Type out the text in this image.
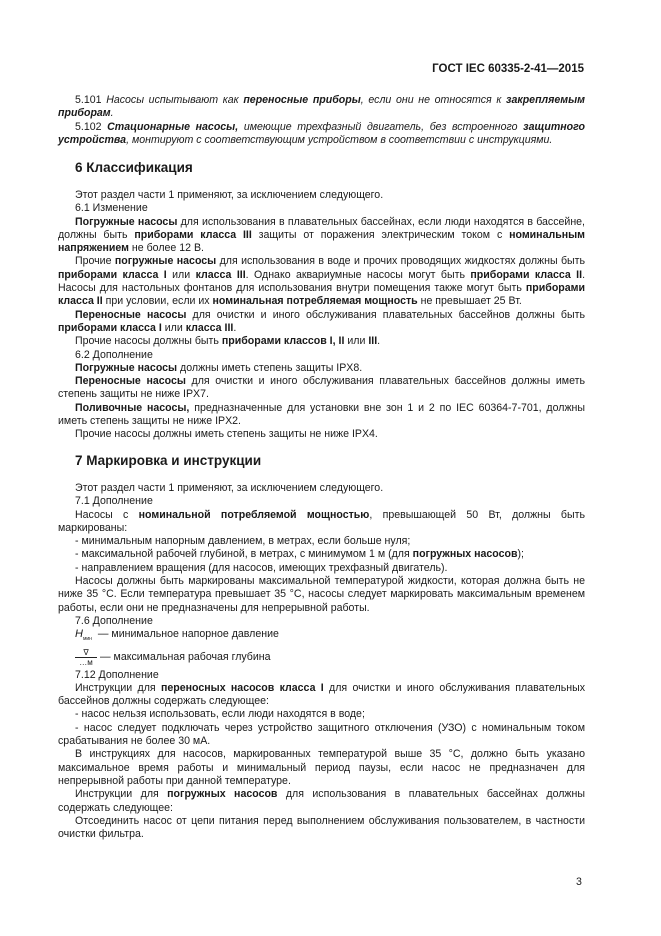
ГОСТ IEC 60335-2-41—2015

5.101 Насосы испытывают как переносные приборы, если они не относятся к закрепляемым приборам.

5.102 Стационарные насосы, имеющие трехфазный двигатель, без встроенного защитного устройства, монтируют с соответствующим устройством в соответствии с инструкциями.

6 Классификация

Этот раздел части 1 применяют, за исключением следующего.

6.1 Изменение

Погружные насосы для использования в плавательных бассейнах, если люди находятся в бассейне, должны быть приборами класса III защиты от поражения электрическим током с номинальным напряжением не более 12 В.

Прочие погружные насосы для использования в воде и прочих проводящих жидкостях должны быть приборами класса I или класса III. Однако аквариумные насосы могут быть приборами класса II. Насосы для настольных фонтанов для использования внутри помещения также могут быть приборами класса II при условии, если их номинальная потребляемая мощность не превышает 25 Вт.

Переносные насосы для очистки и иного обслуживания плавательных бассейнов должны быть приборами класса I или класса III.

Прочие насосы должны быть приборами классов I, II или III.

6.2 Дополнение

Погружные насосы должны иметь степень защиты IPX8.

Переносные насосы для очистки и иного обслуживания плавательных бассейнов должны иметь степень защиты не ниже IPX7.

Поливочные насосы, предназначенные для установки вне зон 1 и 2 по IEC 60364-7-701, должны иметь степень защиты не ниже IPX2.

Прочие насосы должны иметь степень защиты не ниже IPX4.

7 Маркировка и инструкции

Этот раздел части 1 применяют, за исключением следующего.

7.1 Дополнение

Насосы с номинальной потребляемой мощностью, превышающей 50 Вт, должны быть маркированы:

- минимальным напорным давлением, в метрах, если больше нуля;

- максимальной рабочей глубиной, в метрах, с минимумом 1 м (для погружных насосов);

- направлением вращения (для насосов, имеющих трехфазный двигатель).

Насосы должны быть маркированы максимальной температурой жидкости, которая должна быть не ниже 35 °С. Если температура превышает 35 °С, насосы следует маркировать максимальным временем работы, если они не предназначены для непрерывной работы.

7.6 Дополнение

$H_{мин}$ — минимальное напорное давление
$\frac{\nabla}{\dots м}$ — максимальная рабочая глубина

7.12 Дополнение

Инструкции для переносных насосов класса I для очистки и иного обслуживания плавательных бассейнов должны содержать следующее:

- насос нельзя использовать, если люди находятся в воде;

- насос следует подключать через устройство защитного отключения (УЗО) с номинальным током срабатывания не более 30 мА.

В инструкциях для насосов, маркированных температурой выше 35 °С, должно быть указано максимальное время работы и минимальный период паузы, если насос не предназначен для непрерывной работы при данной температуре.

Инструкции для погружных насосов для использования в плавательных бассейнах должны содержать следующее:

Отсоединить насос от цепи питания перед выполнением обслуживания пользователем, в частности очистки фильтра.

3
